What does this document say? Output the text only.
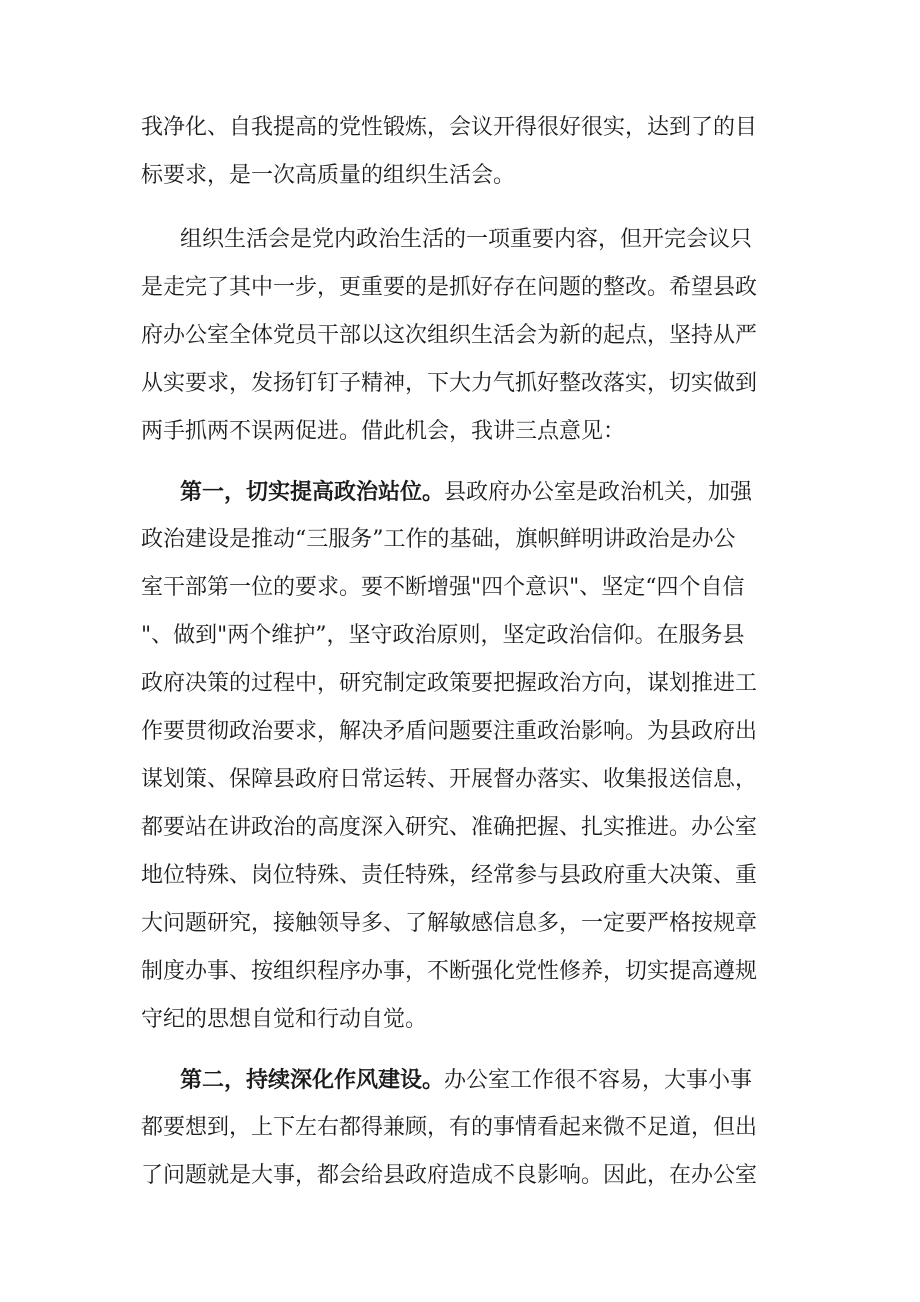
我净化、自我提高的党性锻炼，会议开得很好很实，达到了的目
标要求，是一次高质量的组织生活会。
组织生活会是党内政治生活的一项重要内容，但开完会议只
是走完了其中一步，更重要的是抓好存在问题的整改。希望县政
府办公室全体党员干部以这次组织生活会为新的起点，坚持从严
从实要求，发扬钉钉子精神，下大力气抓好整改落实，切实做到
两手抓两不误两促进。借此机会，我讲三点意见：
第一，切实提高政治站位。县政府办公室是政治机关，加强
政治建设是推动“三服务”工作的基础，旗帜鲜明讲政治是办公
室干部第一位的要求。要不断增强"四个意识"、坚定“四个自信
"、做到"两个维护”，坚守政治原则，坚定政治信仰。在服务县
政府决策的过程中，研究制定政策要把握政治方向，谋划推进工
作要贯彻政治要求，解决矛盾问题要注重政治影响。为县政府出
谋划策、保障县政府日常运转、开展督办落实、收集报送信息，
都要站在讲政治的高度深入研究、准确把握、扎实推进。办公室
地位特殊、岗位特殊、责任特殊，经常参与县政府重大决策、重
大问题研究，接触领导多、了解敏感信息多，一定要严格按规章
制度办事、按组织程序办事，不断强化党性修养，切实提高遵规
守纪的思想自觉和行动自觉。
第二，持续深化作风建设。办公室工作很不容易，大事小事
都要想到，上下左右都得兼顾，有的事情看起来微不足道，但出
了问题就是大事，都会给县政府造成不良影响。因此，在办公室
